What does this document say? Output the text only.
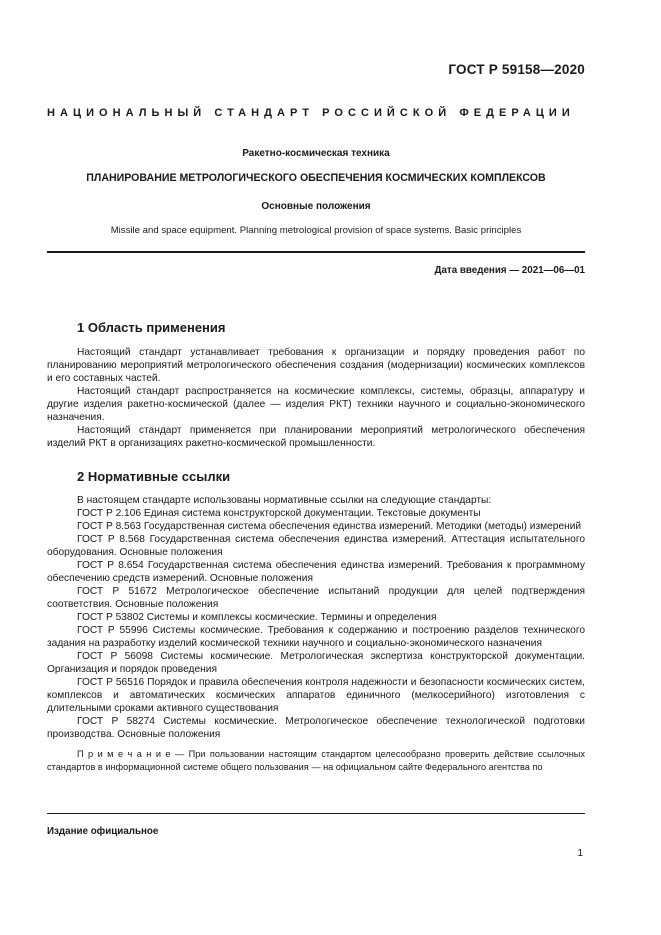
ГОСТ Р 59158—2020
НАЦИОНАЛЬНЫЙ СТАНДАРТ РОССИЙСКОЙ ФЕДЕРАЦИИ
Ракетно-космическая техника
ПЛАНИРОВАНИЕ МЕТРОЛОГИЧЕСКОГО ОБЕСПЕЧЕНИЯ КОСМИЧЕСКИХ КОМПЛЕКСОВ
Основные положения
Missile and space equipment. Planning metrological provision of space systems. Basic principles
Дата введения — 2021—06—01
1 Область применения

Настоящий стандарт устанавливает требования к организации и порядку проведения работ по планированию мероприятий метрологического обеспечения создания (модернизации) космических комплексов и его составных частей.

Настоящий стандарт распространяется на космические комплексы, системы, образцы, аппаратуру и другие изделия ракетно-космической (далее — изделия РКТ) техники научного и социально-экономического назначения.

Настоящий стандарт применяется при планировании мероприятий метрологического обеспечения изделий РКТ в организациях ракетно-космической промышленности.

2 Нормативные ссылки

В настоящем стандарте использованы нормативные ссылки на следующие стандарты:

ГОСТ Р 2.106 Единая система конструкторской документации. Текстовые документы

ГОСТ Р 8.563 Государственная система обеспечения единства измерений. Методики (методы) измерений

ГОСТ Р 8.568 Государственная система обеспечения единства измерений. Аттестация испытательного оборудования. Основные положения

ГОСТ Р 8.654 Государственная система обеспечения единства измерений. Требования к программному обеспечению средств измерений. Основные положения

ГОСТ Р 51672 Метрологическое обеспечение испытаний продукции для целей подтверждения соответствия. Основные положения

ГОСТ Р 53802 Системы и комплексы космические. Термины и определения

ГОСТ Р 55996 Системы космические. Требования к содержанию и построению разделов технического задания на разработку изделий космической техники научного и социально-экономического назначения

ГОСТ Р 56098 Системы космические. Метрологическая экспертиза конструкторской документации. Организация и порядок проведения

ГОСТ Р 56516 Порядок и правила обеспечения контроля надежности и безопасности космических систем, комплексов и автоматических космических аппаратов единичного (мелкосерийного) изготовления с длительными сроками активного существования

ГОСТ Р 58274 Системы космические. Метрологическое обеспечение технологической подготовки производства. Основные положения

П р и м е ч а н и е — При пользовании настоящим стандартом целесообразно проверить действие ссылочных стандартов в информационной системе общего пользования — на официальном сайте Федерального агентства по

Издание официальное
1
